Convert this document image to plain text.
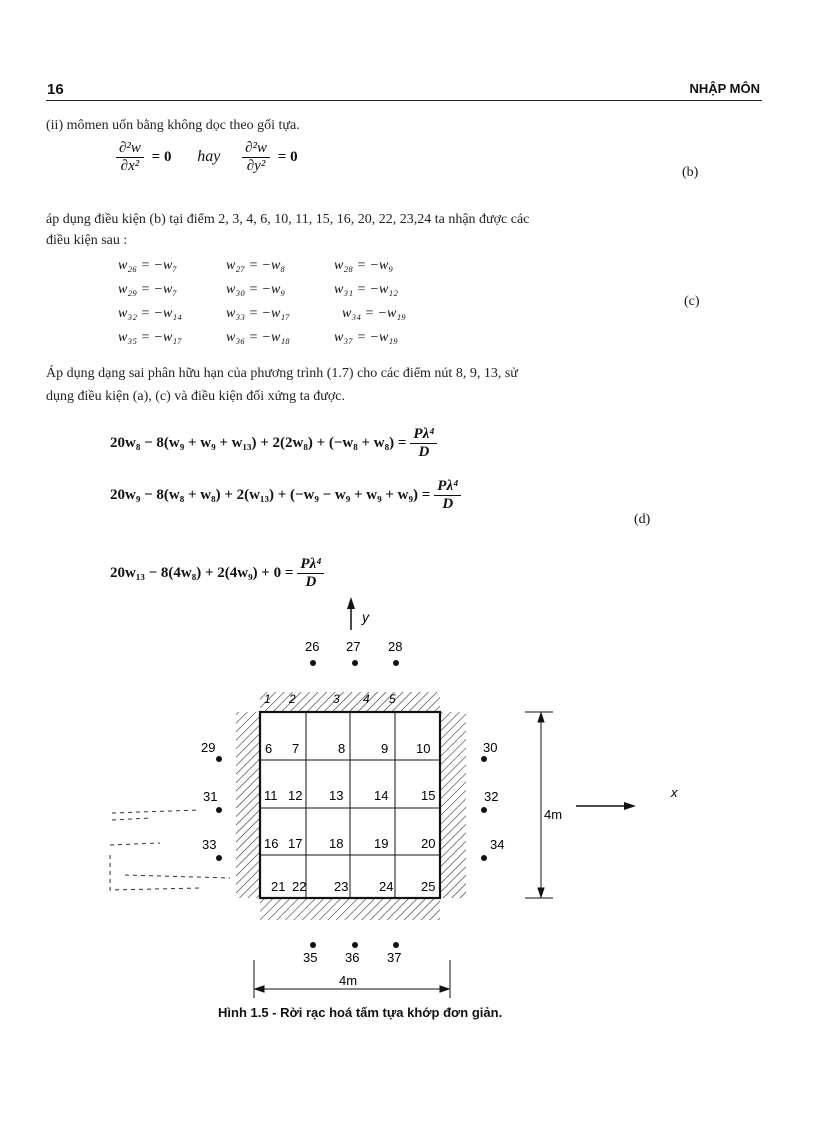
16	NHẬP MÔN
(ii) mômen uốn bằng không dọc theo gối tựa.
$\frac{\text{∂²w}}{\text{∂x²}} = 0$ hay $\frac{\text{∂²w}}{\text{∂y²}} = 0$
(b)
áp dụng điều kiện (b) tại điểm 2, 3, 4, 6, 10, 11, 15, 16, 20, 22, 23,24 ta nhận được các
điều kiện sau :
w₂₆ = −w₇	w₂₇ = −w₈	w₂₈ = −w₉
w₂₉ = −w₇	w₃₀ = −w₉	w₃₁ = −w₁₂
w₃₂ = −w₁₄	w₃₃ = −w₁₇	w₃₄ = −w₁₉
w₃₅ = −w₁₇	w₃₆ = −w₁₈	w₃₇ = −w₁₉
(c)
Áp dụng dạng sai phân hữu hạn của phương trình (1.7) cho các điểm nút 8, 9, 13, sử
dụng điều kiện (a), (c) và điều kiện đối xứng ta được.
$20w_8 - 8(w_9 + w_9 + w_{13}) + 2(2w_8) + (-w_8 + w_8) = \frac{\text{Pλ⁴}}{D}$
$20w_9 - 8(w_8 + w_8) + 2(w_{13}) + (-w_9 - w_9 + w_9 + w_9) = \frac{\text{Pλ⁴}}{D}$
(d)
$20w_{13} - 8(4w_8) + 2(4w_9) + 0 = \frac{\text{Pλ⁴}}{D}$
y
26 27 28
1 2	3 4 5
6 7	8	9 10
11 12 13 14	15
16 17 18 19	20
21 22 23 24 25
29
31
33
30
32
34
35 36 37
4m
x
4m
Hình 1.5 - Rời rạc hoá tấm tựa khớp đơn giản.
